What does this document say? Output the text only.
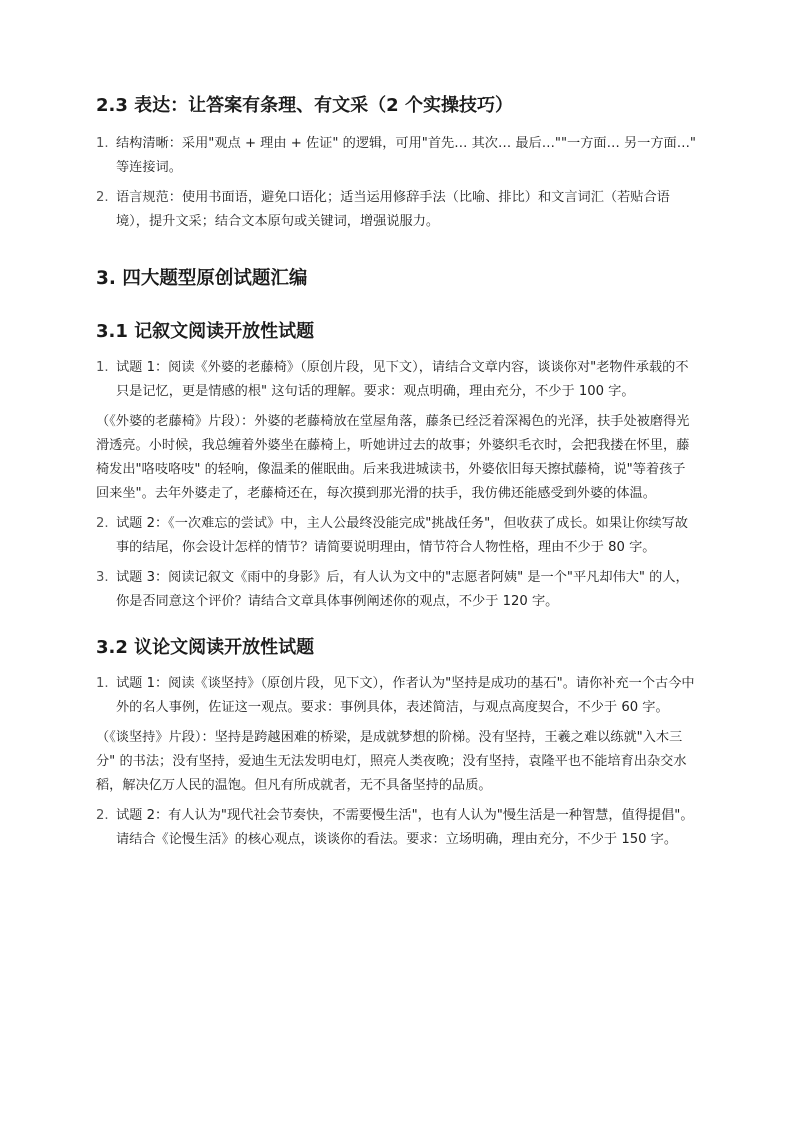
2.3 表达：让答案有条理、有文采（2 个实操技巧）
1. 结构清晰：采用"观点 + 理由 + 佐证" 的逻辑，可用"首先… 其次… 最后…""一方面… 另一方面…" 等连接词。
2. 语言规范：使用书面语，避免口语化；适当运用修辞手法（比喻、排比）和文言词汇（若贴合语境），提升文采；结合文本原句或关键词，增强说服力。
3. 四大题型原创试题汇编
3.1 记叙文阅读开放性试题
1. 试题 1：阅读《外婆的老藤椅》（原创片段，见下文），请结合文章内容，谈谈你对"老物件承载的不只是记忆，更是情感的根" 这句话的理解。要求：观点明确，理由充分，不少于 100 字。

（《外婆的老藤椅》片段）：外婆的老藤椅放在堂屋角落，藤条已经泛着深褐色的光泽，扶手处被磨得光滑透亮。小时候，我总缠着外婆坐在藤椅上，听她讲过去的故事；外婆织毛衣时，会把我搂在怀里，藤椅发出"咯吱咯吱" 的轻响，像温柔的催眠曲。后来我进城读书，外婆依旧每天擦拭藤椅，说"等着孩子回来坐"。去年外婆走了，老藤椅还在，每次摸到那光滑的扶手，我仿佛还能感受到外婆的体温。

2. 试题 2：《一次难忘的尝试》中，主人公最终没能完成"挑战任务"，但收获了成长。如果让你续写故事的结尾，你会设计怎样的情节？请简要说明理由，情节符合人物性格，理由不少于 80 字。
3. 试题 3：阅读记叙文《雨中的身影》后，有人认为文中的"志愿者阿姨" 是一个"平凡却伟大" 的人，你是否同意这个评价？请结合文章具体事例阐述你的观点，不少于 120 字。
3.2 议论文阅读开放性试题
1. 试题 1：阅读《谈坚持》（原创片段，见下文），作者认为"坚持是成功的基石"。请你补充一个古今中外的名人事例，佐证这一观点。要求：事例具体，表述简洁，与观点高度契合，不少于 60 字。

（《谈坚持》片段）：坚持是跨越困难的桥梁，是成就梦想的阶梯。没有坚持，王羲之难以练就"入木三分" 的书法；没有坚持，爱迪生无法发明电灯，照亮人类夜晚；没有坚持，袁隆平也不能培育出杂交水稻，解决亿万人民的温饱。但凡有所成就者，无不具备坚持的品质。

2. 试题 2：有人认为"现代社会节奏快，不需要慢生活"，也有人认为"慢生活是一种智慧，值得提倡"。请结合《论慢生活》的核心观点，谈谈你的看法。要求：立场明确，理由充分，不少于 150 字。
